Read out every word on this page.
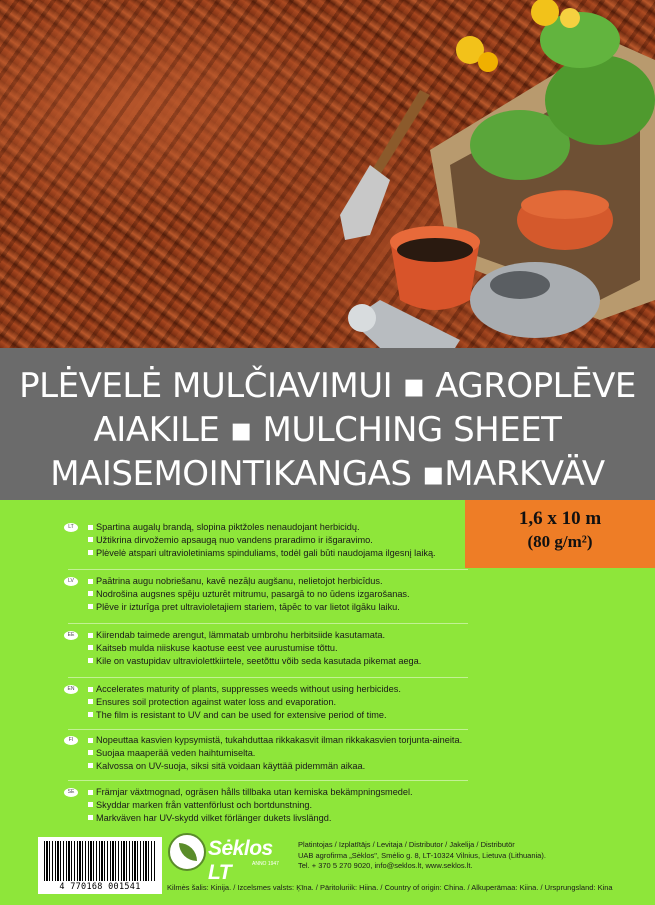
PLĖVELĖ MULČIAVIMUI ▪ AGROPLĒVE
AIAKILE ▪ MULCHING SHEET
MAISEMOINTIKANGAS ▪MARKVÄV
1,6 x 10 m
(80 g/m²)
LT	Spartina augalų brandą, slopina piktžoles nenaudojant herbicidų.
Užtikrina dirvožemio apsaugą nuo vandens praradimo ir išgaravimo.
Plėvelė atspari ultravioletiniams spinduliams, todėl gali būti naudojama ilgesnį laiką.
LV	Paātrina augu nobriešanu, kavē nezāļu augšanu, nelietojot herbicīdus.
Nodrošina augsnes spēju uzturēt mitrumu, pasargā to no ūdens izgarošanas.
Plēve ir izturīga pret ultravioletajiem stariem, tāpēc to var lietot ilgāku laiku.
EE	Kiirendab taimede arengut, lämmatab umbrohu herbitsiide kasutamata.
Kaitseb mulda niiskuse kaotuse eest vee aurustumise tõttu.
Kile on vastupidav ultraviolettkiirtele, seetõttu võib seda kasutada pikemat aega.
EN	Accelerates maturity of plants, suppresses weeds without using herbicides.
Ensures soil protection against water loss and evaporation.
The film is resistant to UV and can be used for extensive period of time.
FI	Nopeuttaa kasvien kypsymistä, tukahduttaa rikkakasvit ilman rikkakasvien torjunta-aineita.
Suojaa maaperää veden haihtumiselta.
Kalvossa on UV-suoja, siksi sitä voidaan käyttää pidemmän aikaa.
SE	Främjar växtmognad, ogräsen hålls tillbaka utan kemiska bekämpningsmedel.
Skyddar marken från vattenförlust och bortdunstning.
Markväven har UV-skydd vilket förlänger dukets livslängd.
4 770168 001541
Sėklos LT	ANNO 1947
Platintojas / Izplatītājs / Levitaja / Distributor / Jakelija / Distributör
UAB agrofirma „Sėklos", Smėlio g. 8, LT-10324 Vilnius, Lietuva (Lithuania).
Tel. + 370 5 270 9020, info@seklos.lt, www.seklos.lt.
Kilmės šalis: Kinija. / Izcelsmes valsts: Ķīna. / Päritoluriik: Hiina. / Country of origin: China. / Alkuperämaa: Kiina. / Ursprungsland: Kina
